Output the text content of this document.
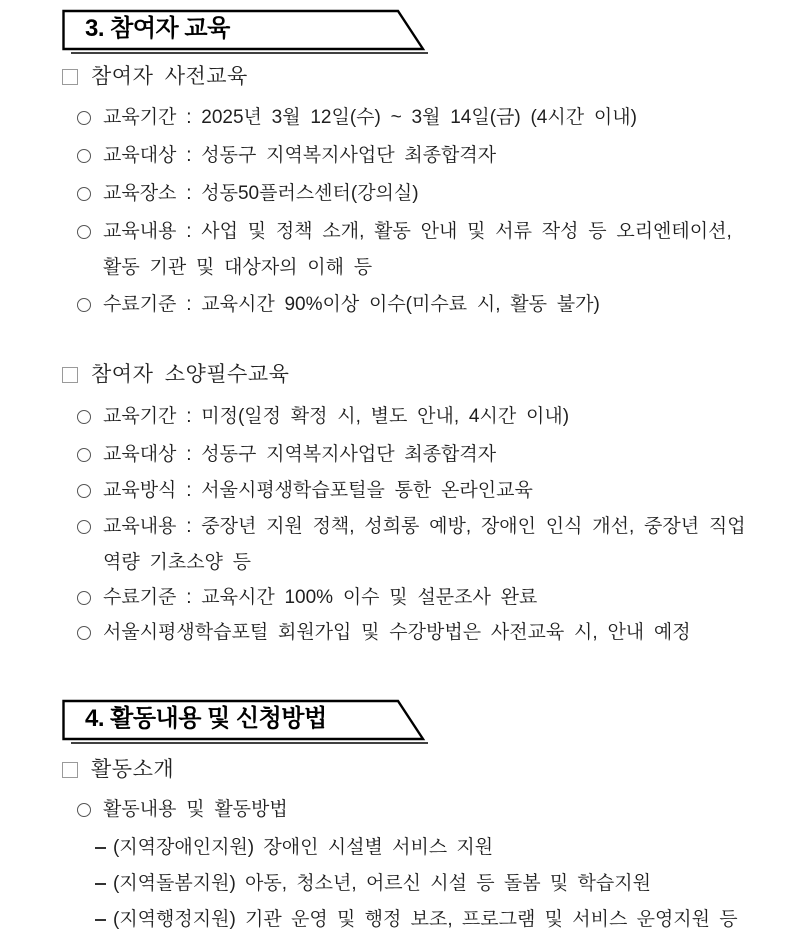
3. 참여자 교육
참여자 사전교육
교육기간 : 2025년 3월 12일(수) ~ 3월 14일(금) (4시간 이내)
교육대상 : 성동구 지역복지사업단 최종합격자
교육장소 : 성동50플러스센터(강의실)
교육내용 : 사업 및 정책 소개, 활동 안내 및 서류 작성 등 오리엔테이션,
활동 기관 및 대상자의 이해 등
수료기준 : 교육시간 90%이상 이수(미수료 시, 활동 불가)
참여자 소양필수교육
교육기간 : 미정(일정 확정 시, 별도 안내, 4시간 이내)
교육대상 : 성동구 지역복지사업단 최종합격자
교육방식 : 서울시평생학습포털을 통한 온라인교육
교육내용 : 중장년 지원 정책, 성희롱 예방, 장애인 인식 개선, 중장년 직업
역량 기초소양 등
수료기준 : 교육시간 100% 이수 및 설문조사 완료
서울시평생학습포털 회원가입 및 수강방법은 사전교육 시, 안내 예정
4. 활동내용 및 신청방법
활동소개
활동내용 및 활동방법
(지역장애인지원) 장애인 시설별 서비스 지원
(지역돌봄지원) 아동, 청소년, 어르신 시설 등 돌봄 및 학습지원
(지역행정지원) 기관 운영 및 행정 보조, 프로그램 및 서비스 운영지원 등
